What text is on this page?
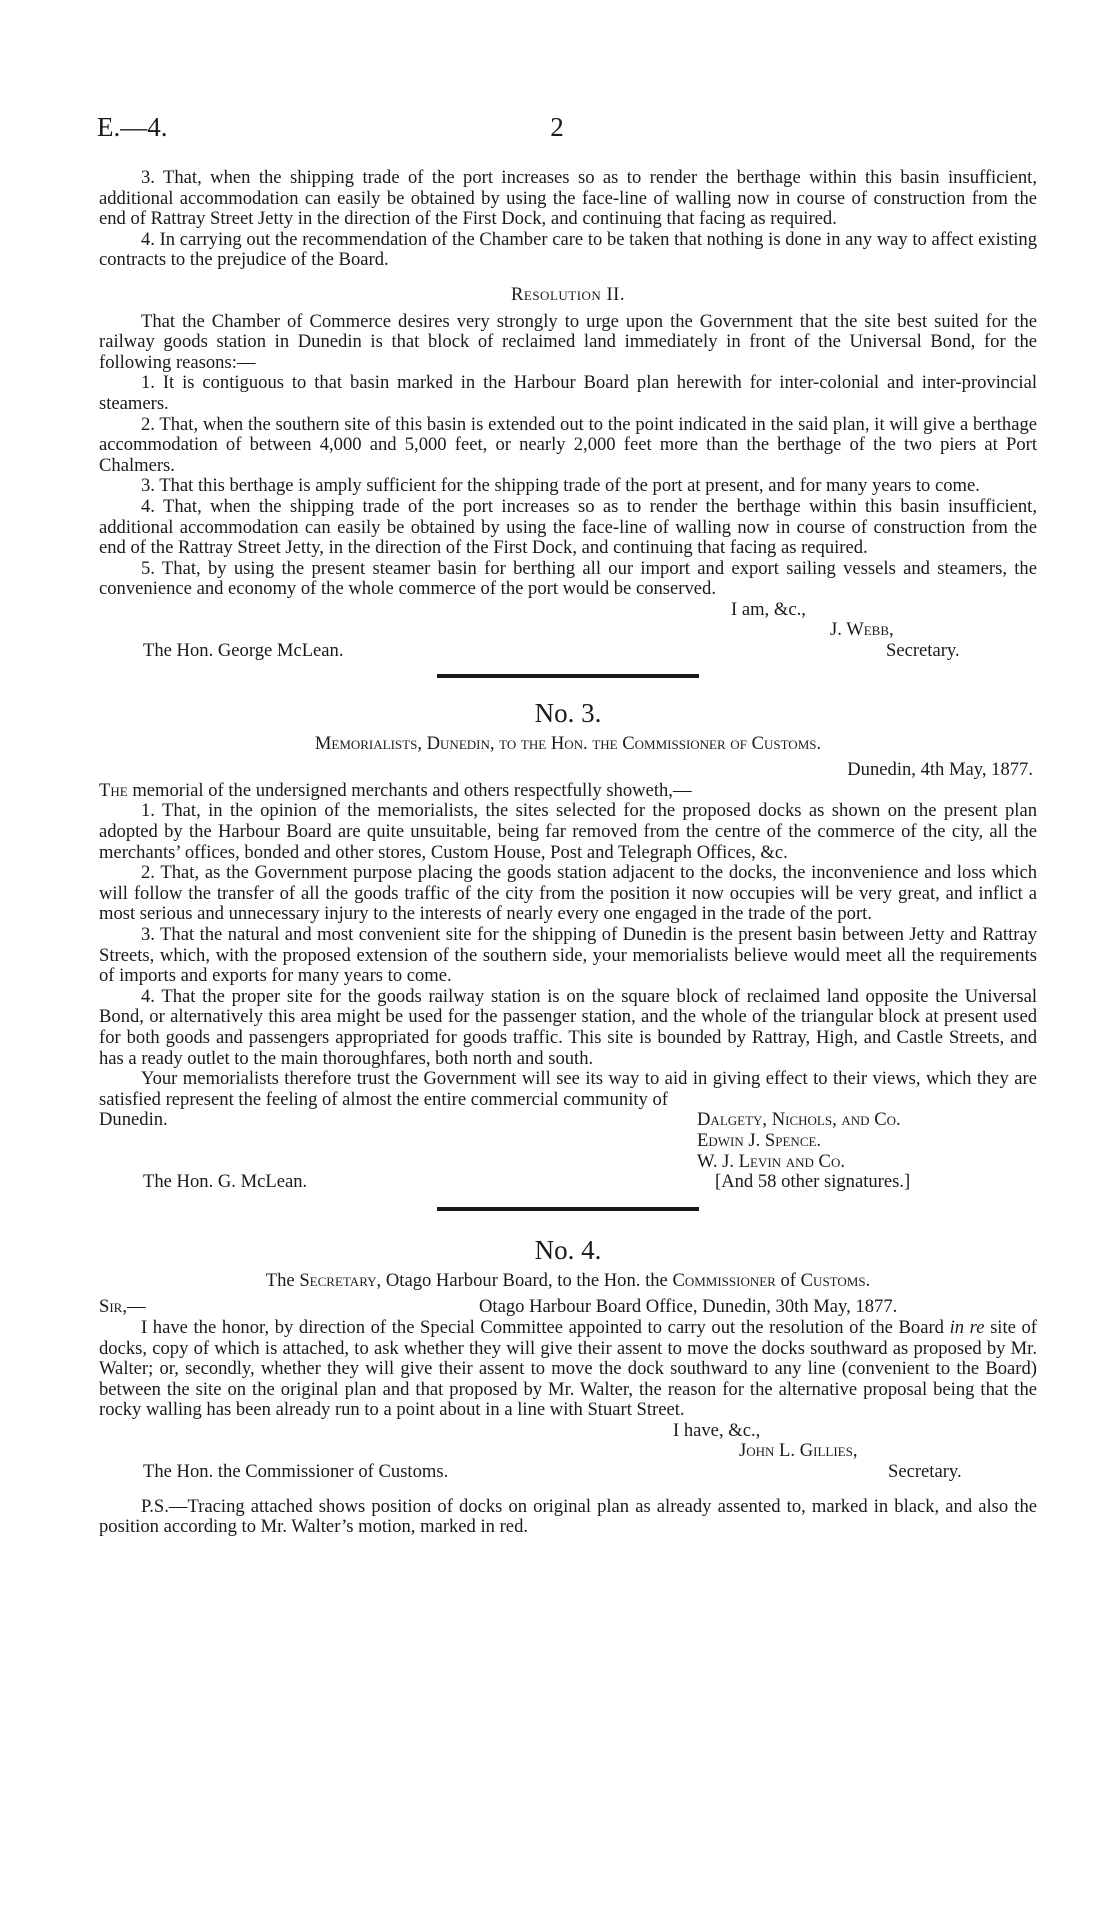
E.—4.	2

3. That, when the shipping trade of the port increases so as to render the berthage within this basin insufficient, additional accommodation can easily be obtained by using the face-line of walling now in course of construction from the end of Rattray Street Jetty in the direction of the First Dock, and continuing that facing as required.

4. In carrying out the recommendation of the Chamber care to be taken that nothing is done in any way to affect existing contracts to the prejudice of the Board.

Resolution II.

That the Chamber of Commerce desires very strongly to urge upon the Government that the site best suited for the railway goods station in Dunedin is that block of reclaimed land immediately in front of the Universal Bond, for the following reasons:—

1. It is contiguous to that basin marked in the Harbour Board plan herewith for inter-colonial and inter-provincial steamers.

2. That, when the southern site of this basin is extended out to the point indicated in the said plan, it will give a berthage accommodation of between 4,000 and 5,000 feet, or nearly 2,000 feet more than the berthage of the two piers at Port Chalmers.

3. That this berthage is amply sufficient for the shipping trade of the port at present, and for many years to come.

4. That, when the shipping trade of the port increases so as to render the berthage within this basin insufficient, additional accommodation can easily be obtained by using the face-line of walling now in course of construction from the end of the Rattray Street Jetty, in the direction of the First Dock, and continuing that facing as required.

5. That, by using the present steamer basin for berthing all our import and export sailing vessels and steamers, the convenience and economy of the whole commerce of the port would be conserved.

I am, &c.,
J. Webb,
The Hon. George McLean.	Secretary.
No. 3.
Memorialists, Dunedin, to the Hon. the Commissioner of Customs.
Dunedin, 4th May, 1877.

The memorial of the undersigned merchants and others respectfully showeth,—

1. That, in the opinion of the memorialists, the sites selected for the proposed docks as shown on the present plan adopted by the Harbour Board are quite unsuitable, being far removed from the centre of the commerce of the city, all the merchants’ offices, bonded and other stores, Custom House, Post and Telegraph Offices, &c.

2. That, as the Government purpose placing the goods station adjacent to the docks, the inconvenience and loss which will follow the transfer of all the goods traffic of the city from the position it now occupies will be very great, and inflict a most serious and unnecessary injury to the interests of nearly every one engaged in the trade of the port.

3. That the natural and most convenient site for the shipping of Dunedin is the present basin between Jetty and Rattray Streets, which, with the proposed extension of the southern side, your memorialists believe would meet all the requirements of imports and exports for many years to come.

4. That the proper site for the goods railway station is on the square block of reclaimed land opposite the Universal Bond, or alternatively this area might be used for the passenger station, and the whole of the triangular block at present used for both goods and passengers appropriated for goods traffic. This site is bounded by Rattray, High, and Castle Streets, and has a ready outlet to the main thoroughfares, both north and south.

Your memorialists therefore trust the Government will see its way to aid in giving effect to their views, which they are satisfied represent the feeling of almost the entire commercial community of

Dunedin.	Dalgety, Nichols, and Co.
Edwin J. Spence.
W. J. Levin and Co.
The Hon. G. McLean.	[And 58 other signatures.]
No. 4.
The Secretary, Otago Harbour Board, to the Hon. the Commissioner of Customs.
Sir,—	Otago Harbour Board Office, Dunedin, 30th May, 1877.

I have the honor, by direction of the Special Committee appointed to carry out the resolution of the Board in re site of docks, copy of which is attached, to ask whether they will give their assent to move the docks southward as proposed by Mr. Walter; or, secondly, whether they will give their assent to move the dock southward to any line (convenient to the Board) between the site on the original plan and that proposed by Mr. Walter, the reason for the alternative proposal being that the rocky walling has been already run to a point about in a line with Stuart Street.

I have, &c.,
John L. Gillies,
The Hon. the Commissioner of Customs.	Secretary.

P.S.—Tracing attached shows position of docks on original plan as already assented to, marked in black, and also the position according to Mr. Walter’s motion, marked in red.
